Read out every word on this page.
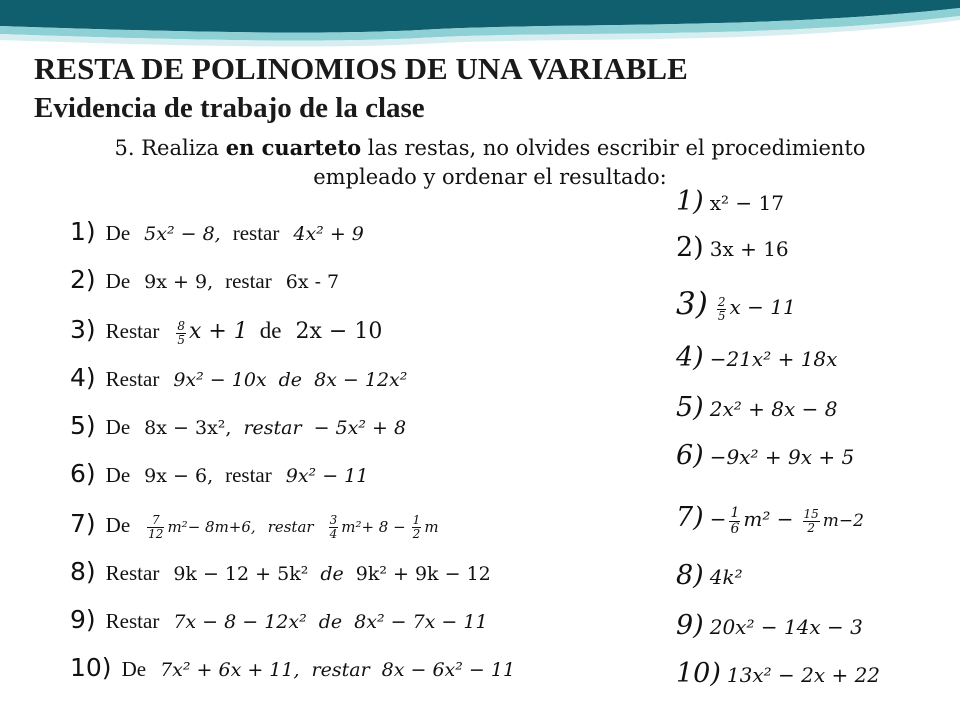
RESTA DE POLINOMIOS DE UNA VARIABLE
Evidencia de trabajo de la clase
5. Realiza en cuarteto las restas, no olvides escribir el procedimiento empleado y ordenar el resultado:
1) De 5x² − 8, restar 4x² + 9
2) De 9x + 9, restar 6x - 7
3) Restar $\frac{8}{5}$ x + 1 de 2x − 10
4) Restar 9x² − 10x de 8x − 12x²
5) De 8x − 3x², restar − 5x² + 8
6) De 9x − 6, restar 9x² − 11
7) De $\frac{7}{12} m^2- 8m+6$, restar $\frac{3}{4} m^2+ 8 - \frac{1}{2}$ m
8) Restar 9k − 12 + 5k² de 9k² + 9k − 12
9) Restar 7x − 8 − 12x² de 8x² − 7x − 11
10) De 7x² + 6x + 11, restar 8x − 6x² − 11
1) x² − 17
2) 3x + 16
$3) \frac{2}{5}$ x − 11
4) −21x² + 18x
5) 2x² + 8x − 8
6) −9x² + 9x + 5
$7) - \frac{1}{6} m^2 - \frac{15}{2} m-2$
8) 4k²
9) 20x² − 14x − 3
10) 13x² − 2x + 22
